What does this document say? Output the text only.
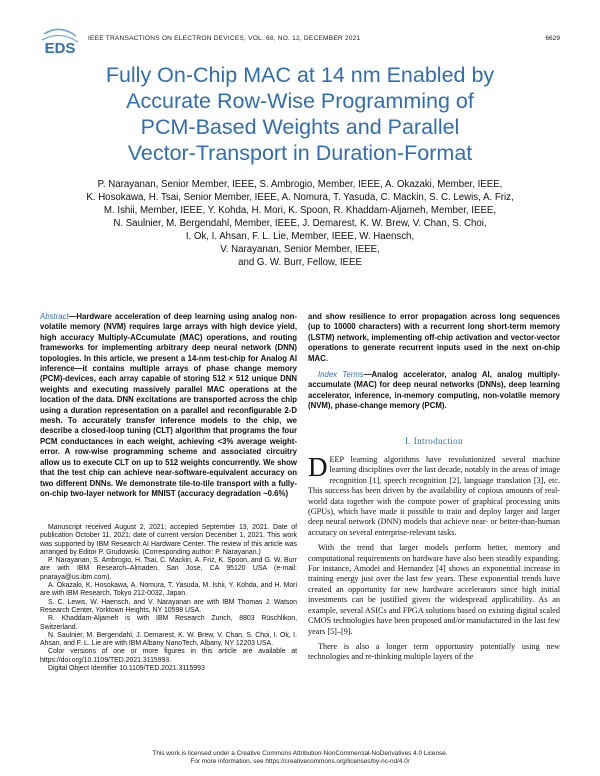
EDS
IEEE TRANSACTIONS ON ELECTRON DEVICES, VOL. 68, NO. 12, DECEMBER 2021	6629
Fully On-Chip MAC at 14 nm Enabled by
Accurate Row-Wise Programming of
PCM-Based Weights and Parallel
Vector-Transport in Duration-Format
P. Narayanan, Senior Member, IEEE, S. Ambrogio, Member, IEEE, A. Okazaki, Member, IEEE,
K. Hosokawa, H. Tsai, Senior Member, IEEE, A. Nomura, T. Yasuda, C. Mackin, S. C. Lewis, A. Friz,
M. Ishii, Member, IEEE, Y. Kohda, H. Mori, K. Spoon, R. Khaddam-Aljameh, Member, IEEE,
N. Saulnier, M. Bergendahl, Member, IEEE, J. Demarest, K. W. Brew, V. Chan, S. Choi,
I. Ok, I. Ahsan, F. L. Lie, Member, IEEE, W. Haensch,
V. Narayanan, Senior Member, IEEE,
and G. W. Burr, Fellow, IEEE

Abstract—Hardware acceleration of deep learning using analog non-volatile memory (NVM) requires large arrays with high device yield, high accuracy Multiply-ACcumulate (MAC) operations, and routing frameworks for implementing arbitrary deep neural network (DNN) topologies. In this article, we present a 14-nm test-chip for Analog AI inference—it contains multiple arrays of phase change memory (PCM)-devices, each array capable of storing 512 × 512 unique DNN weights and executing massively parallel MAC operations at the location of the data. DNN excitations are transported across the chip using a duration representation on a parallel and reconfigurable 2-D mesh. To accurately transfer inference models to the chip, we describe a closed-loop tuning (CLT) algorithm that programs the four PCM conductances in each weight, achieving <3% average weight-error. A row-wise programming scheme and associated circuitry allow us to execute CLT on up to 512 weights concurrently. We show that the test chip can achieve near-software-equivalent accuracy on two different DNNs. We demonstrate tile-to-tile transport with a fully-on-chip two-layer network for MNIST (accuracy degradation ~0.6%)

Manuscript received August 2, 2021; accepted September 13, 2021. Date of publication October 11, 2021; date of current version December 1, 2021. This work was supported by IBM Research AI Hardware Center. The review of this article was arranged by Editor P. Grudowski. (Corresponding author: P. Narayanan.)

P. Narayanan, S. Ambrogio, H. Tsai, C. Mackin, A. Friz, K. Spoon, and G. W. Burr are with IBM Research–Almaden, San Jose, CA 95120 USA (e-mail: pnaraya@us.ibm.com).

A. Okazaki, K. Hosokawa, A. Nomura, T. Yasuda, M. Ishii, Y. Kohda, and H. Mori are with IBM Research, Tokyo 212-0032, Japan.

S. C. Lewis, W. Haensch, and V. Narayanan are with IBM Thomas J. Watson Research Center, Yorktown Heights, NY 10598 USA.

R. Khaddam-Aljameh is with IBM Research Zurich, 8803 Rüschlikon, Switzerland.

N. Saulnier, M. Bergendahl, J. Demarest, K. W. Brew, V. Chan, S. Choi, I. Ok, I. Ahsan, and F. L. Lie are with IBM Albany NanoTech, Albany, NY 12203 USA.

Color versions of one or more figures in this article are available at https://doi.org/10.1109/TED.2021.3115993.

Digital Object Identifier 10.1109/TED.2021.3115993

and show resilience to error propagation across long sequences (up to 10000 characters) with a recurrent long short-term memory (LSTM) network, implementing off-chip activation and vector-vector operations to generate recurrent inputs used in the next on-chip MAC.

Index Terms—Analog accelerator, analog AI, analog multiply-accumulate (MAC) for deep neural networks (DNNs), deep learning accelerator, inference, in-memory computing, non-volatile memory (NVM), phase-change memory (PCM).

I. Introduction

DEEP learning algorithms have revolutionized several machine learning disciplines over the last decade, notably in the areas of image recognition [1], speech recognition [2], language translation [3], etc. This success has been driven by the availability of copious amounts of real-world data together with the compute power of graphical processing units (GPUs), which have made it possible to train and deploy larger and larger deep neural network (DNN) models that achieve near- or better-than-human accuracy on several enterprise-relevant tasks.

With the trend that larger models perform better, memory and computational requirements on hardware have also been steadily expanding. For instance, Amodei and Hernandez [4] shows an exponential increase in training energy just over the last few years. These exponential trends have created an opportunity for new hardware accelerators since high initial investments can be justified given the widespread applicability. As an example, several ASICs and FPGA solutions based on existing digital scaled CMOS technologies have been proposed and/or manufactured in the last few years [5]–[9].

There is also a longer term opportunity potentially using new technologies and re-thinking multiple layers of the

This work is licensed under a Creative Commons Attribution-NonCommercial-NoDerivatives 4.0 License.
For more information, see https://creativecommons.org/licenses/by-nc-nd/4.0/
